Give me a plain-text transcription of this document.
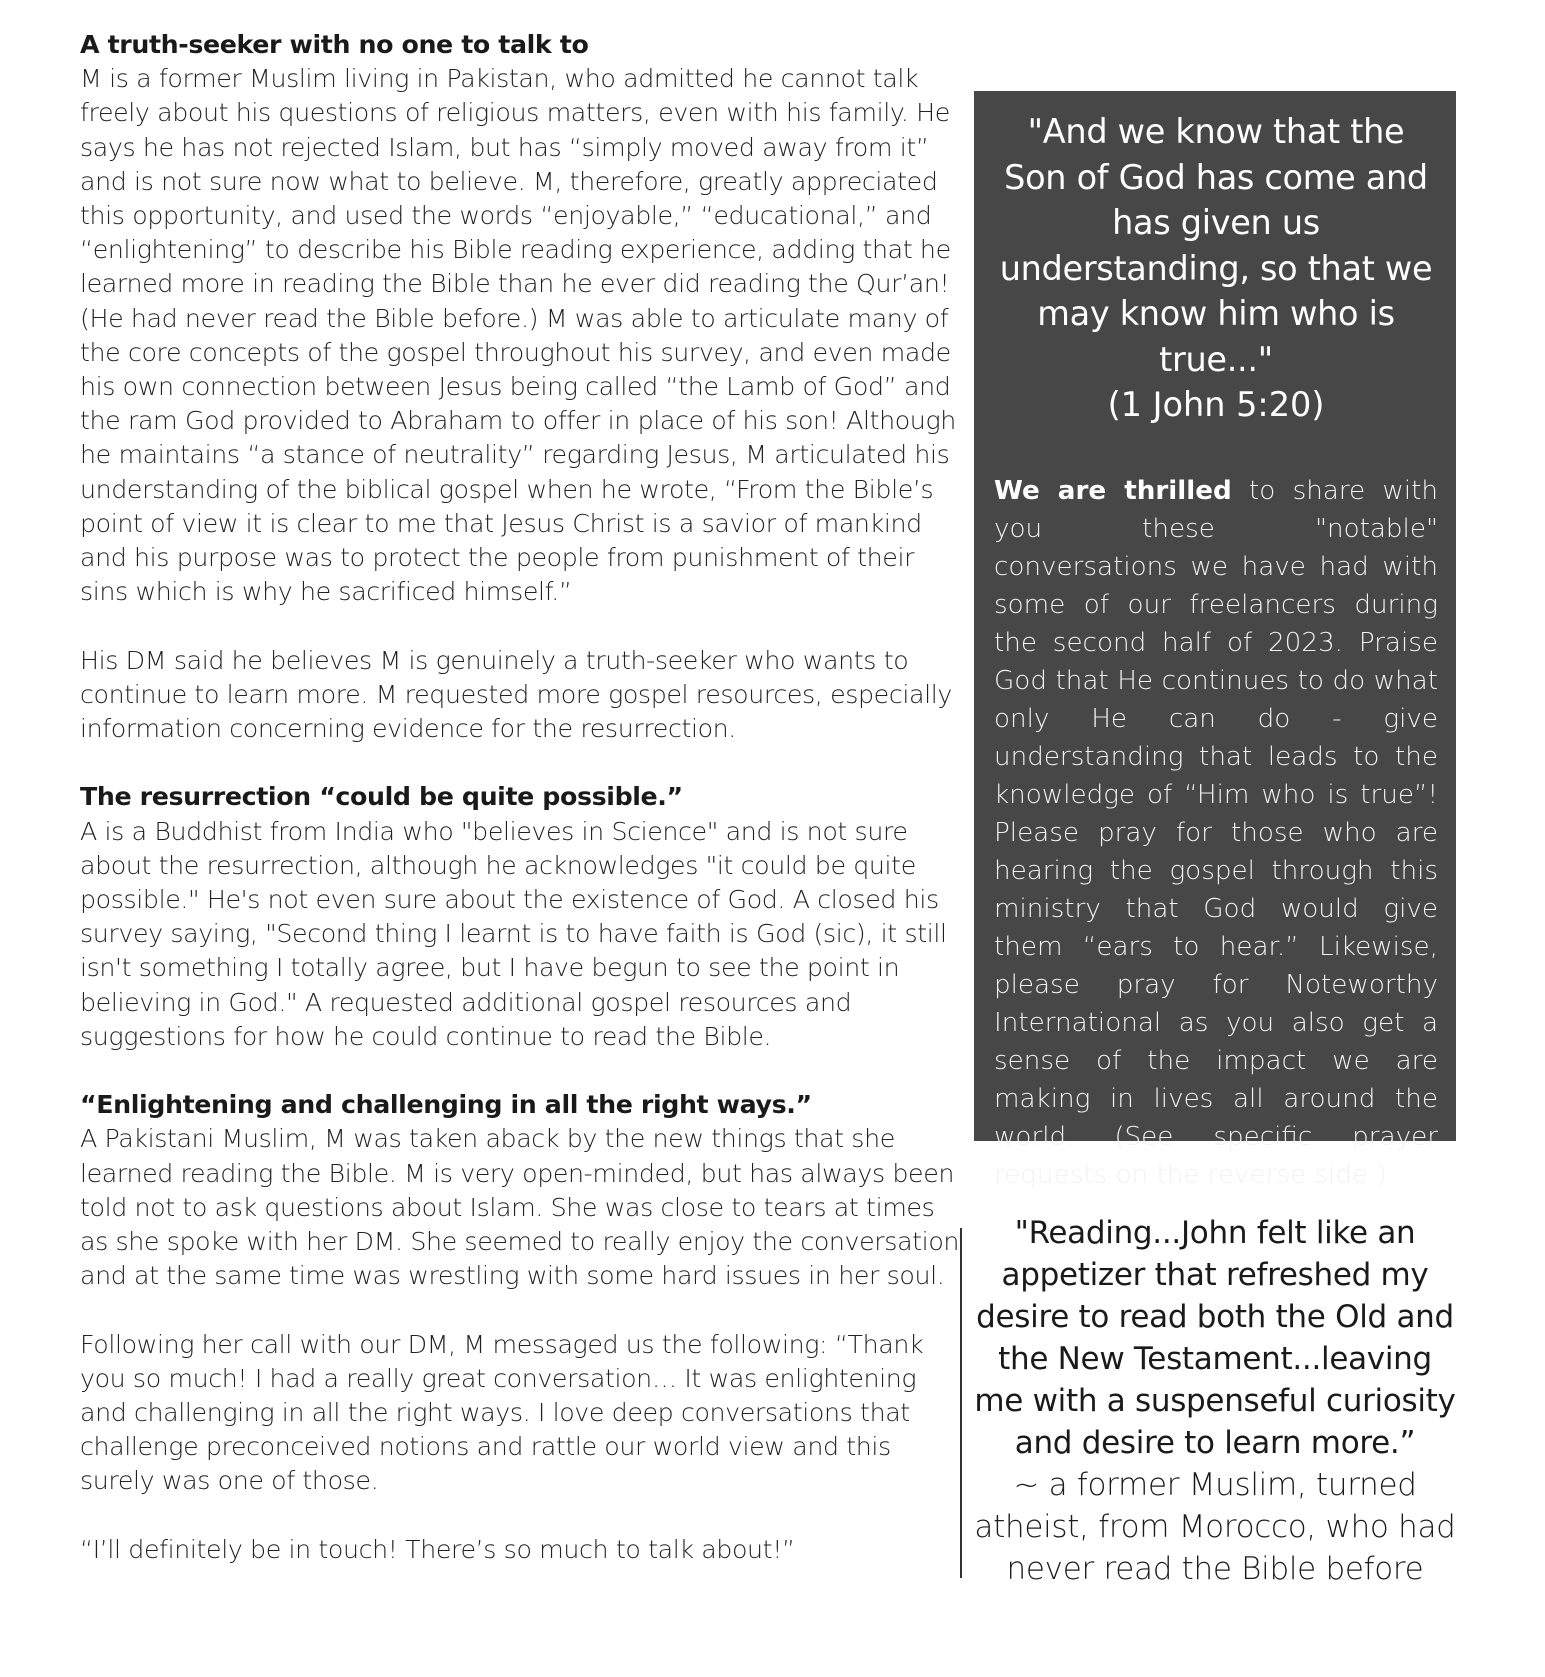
A truth-seeker with no one to talk to

M is a former Muslim living in Pakistan, who admitted he cannot talk freely about his questions of religious matters, even with his family. He says he has not rejected Islam, but has “simply moved away from it” and is not sure now what to believe. M, therefore, greatly appreciated this opportunity, and used the words “enjoyable,” “educational,” and “enlightening” to describe his Bible reading experience, adding that he learned more in reading the Bible than he ever did reading the Qur’an! (He had never read the Bible before.) M was able to articulate many of the core concepts of the gospel throughout his survey, and even made his own connection between Jesus being called “the Lamb of God” and the ram God provided to Abraham to offer in place of his son! Although he maintains “a stance of neutrality” regarding Jesus, M articulated his understanding of the biblical gospel when he wrote, “From the Bible’s point of view it is clear to me that Jesus Christ is a savior of mankind and his purpose was to protect the people from punishment of their sins which is why he sacrificed himself.”

His DM said he believes M is genuinely a truth-seeker who wants to continue to learn more. M requested more gospel resources, especially information concerning evidence for the resurrection.

The resurrection “could be quite possible.”

A is a Buddhist from India who "believes in Science" and is not sure about the resurrection, although he acknowledges "it could be quite possible." He's not even sure about the existence of God. A closed his survey saying, "Second thing I learnt is to have faith is God (sic), it still isn't something I totally agree, but I have begun to see the point in believing in God." A requested additional gospel resources and suggestions for how he could continue to read the Bible.

“Enlightening and challenging in all the right ways.”

A Pakistani Muslim, M was taken aback by the new things that she learned reading the Bible. M is very open-minded, but has always been told not to ask questions about Islam. She was close to tears at times as she spoke with her DM. She seemed to really enjoy the conversation and at the same time was wrestling with some hard issues in her soul.

Following her call with our DM, M messaged us the following: “Thank you so much! I had a really great conversation… It was enlightening and challenging in all the right ways. I love deep conversations that challenge preconceived notions and rattle our world view and this surely was one of those.

“I’ll definitely be in touch! There’s so much to talk about!”

"And we know that the Son of God has come and has given us understanding, so that we may know him who is true..."

(1 John 5:20)

We are thrilled to share with you these "notable" conversations we have had with some of our freelancers during the second half of 2023. Praise God that He continues to do what only He can do - give understanding that leads to the knowledge of “Him who is true”! Please pray for those who are hearing the gospel through this ministry that God would give them “ears to hear.” Likewise, please pray for Noteworthy International as you also get a sense of the impact we are making in lives all around the world. (See specific prayer requests on the reverse side.)

"Reading...John felt like an appetizer that refreshed my desire to read both the Old and the New Testament...leaving me with a suspenseful curiosity and desire to learn more.”

~ a former Muslim, turned atheist, from Morocco, who had never read the Bible before
